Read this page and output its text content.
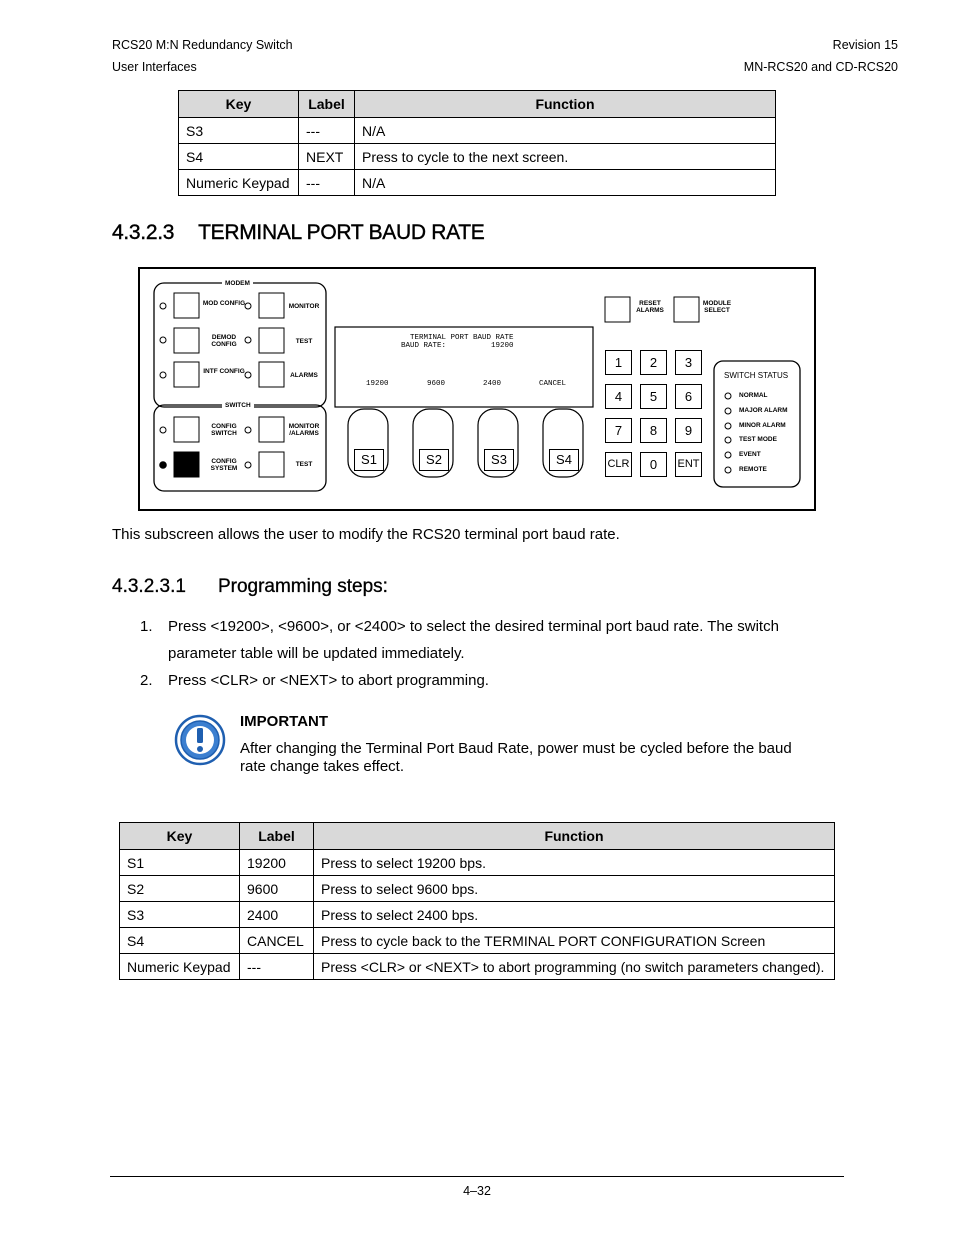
RCS20 M:N Redundancy Switch
User Interfaces
Revision 15
MN-RCS20 and CD-RCS20
Key	Label	Function
S3	---	N/A
S4	NEXT	Press to cycle to the next screen.
Numeric Keypad	---	N/A
4.3.2.3 TERMINAL PORT BAUD RATE
MODEM
SWITCH
MOD CONFIG
DEMOD CONFIG
INTF CONFIG
CONFIG SWITCH
CONFIG SYSTEM
MONITOR
TEST
ALARMS
MONITOR /ALARMS
TEST
TERMINAL PORT BAUD RATE
BAUD RATE:          19200
19200	9600	2400	CANCEL
S1	S2	S3	S4
RESET ALARMS
MODULE SELECT
1	2	3
4	5	6
7	8	9
CLR	0	ENT
SWITCH STATUS
NORMAL
MAJOR ALARM
MINOR ALARM
TEST MODE
EVENT
REMOTE
This subscreen allows the user to modify the RCS20 terminal port baud rate.
4.3.2.3.1 Programming steps:
1. Press <19200>, <9600>, or <2400> to select the desired terminal port baud rate. The switch
parameter table will be updated immediately.
2. Press <CLR> or <NEXT> to abort programming.
IMPORTANT
After changing the Terminal Port Baud Rate, power must be cycled before the baud
rate change takes effect.
Key	Label	Function
S1	19200	Press to select 19200 bps.
S2	9600	Press to select 9600 bps.
S3	2400	Press to select 2400 bps.
S4	CANCEL	Press to cycle back to the TERMINAL PORT CONFIGURATION Screen
Numeric Keypad	---	Press <CLR> or <NEXT> to abort programming (no switch parameters changed).
4–32
